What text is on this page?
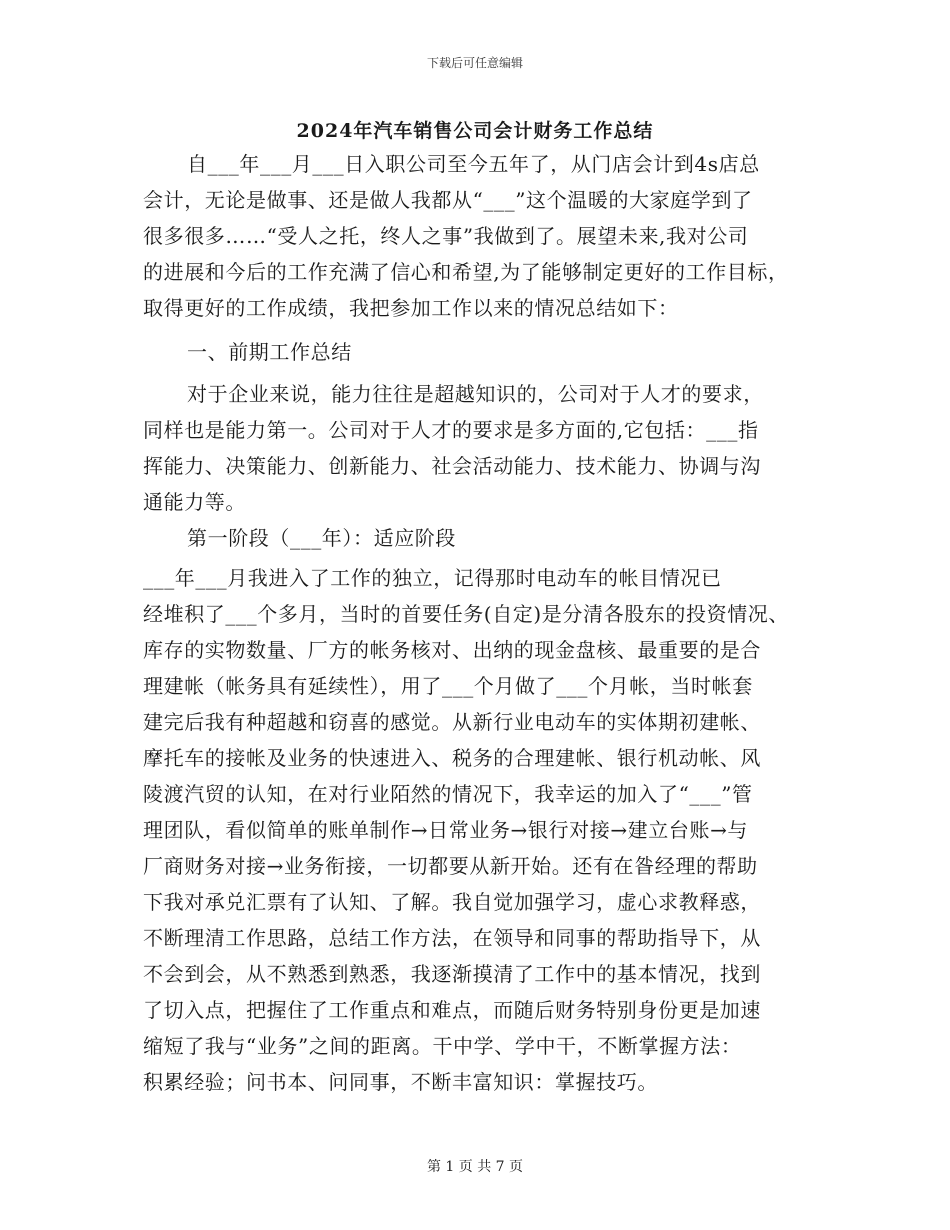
下载后可任意编辑
2024年汽车销售公司会计财务工作总结
自___年___月___日入职公司至今五年了，从门店会计到4s店总
会计，无论是做事、还是做人我都从“___”这个温暖的大家庭学到了
很多很多……“受人之托，终人之事”我做到了。展望未来,我对公司
的进展和今后的工作充满了信心和希望,为了能够制定更好的工作目标，
取得更好的工作成绩，我把参加工作以来的情况总结如下：
一、前期工作总结
对于企业来说，能力往往是超越知识的，公司对于人才的要求，
同样也是能力第一。公司对于人才的要求是多方面的,它包括：___指
挥能力、决策能力、创新能力、社会活动能力、技术能力、协调与沟
通能力等。
第一阶段（___年）：适应阶段
___年___月我进入了工作的独立，记得那时电动车的帐目情况已
经堆积了___个多月，当时的首要任务(自定)是分清各股东的投资情况、
库存的实物数量、厂方的帐务核对、出纳的现金盘核、最重要的是合
理建帐（帐务具有延续性），用了___个月做了___个月帐，当时帐套
建完后我有种超越和窃喜的感觉。从新行业电动车的实体期初建帐、
摩托车的接帐及业务的快速进入、税务的合理建帐、银行机动帐、风
陵渡汽贸的认知，在对行业陌然的情况下，我幸运的加入了“___”管
理团队，看似简单的账单制作→日常业务→银行对接→建立台账→与
厂商财务对接→业务衔接，一切都要从新开始。还有在昝经理的帮助
下我对承兑汇票有了认知、了解。我自觉加强学习，虚心求教释惑，
不断理清工作思路，总结工作方法，在领导和同事的帮助指导下，从
不会到会，从不熟悉到熟悉，我逐渐摸清了工作中的基本情况，找到
了切入点，把握住了工作重点和难点，而随后财务特别身份更是加速
缩短了我与“业务”之间的距离。干中学、学中干，不断掌握方法：
积累经验；问书本、问同事，不断丰富知识：掌握技巧。
第 1 页 共 7 页
